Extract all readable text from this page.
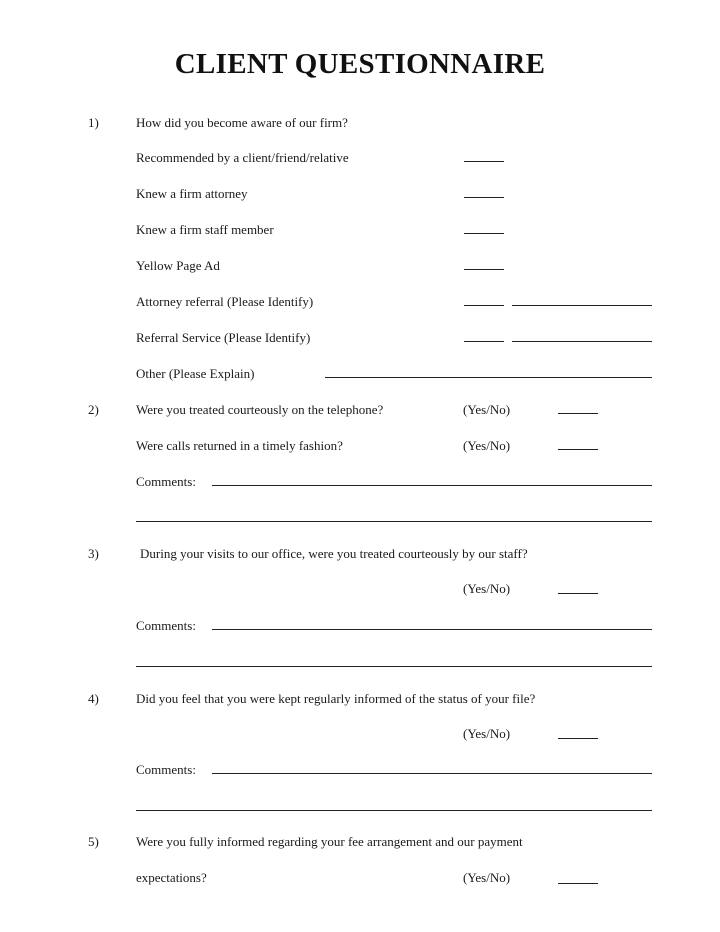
CLIENT QUESTIONNAIRE
1)	How did you become aware of our firm?
Recommended by a client/friend/relative
Knew a firm attorney
Knew a firm staff member
Yellow Page Ad
Attorney referral (Please Identify)
Referral Service (Please Identify)
Other (Please Explain)
2)	Were you treated courteously on the telephone?	(Yes/No)
Were calls returned in a timely fashion?	(Yes/No)
Comments:
3)	During your visits to our office, were you treated courteously by our staff?
(Yes/No)
Comments:
4)	Did you feel that you were kept regularly informed of the status of your file?
(Yes/No)
Comments:
5)	Were you fully informed regarding your fee arrangement and our payment
expectations?	(Yes/No)
